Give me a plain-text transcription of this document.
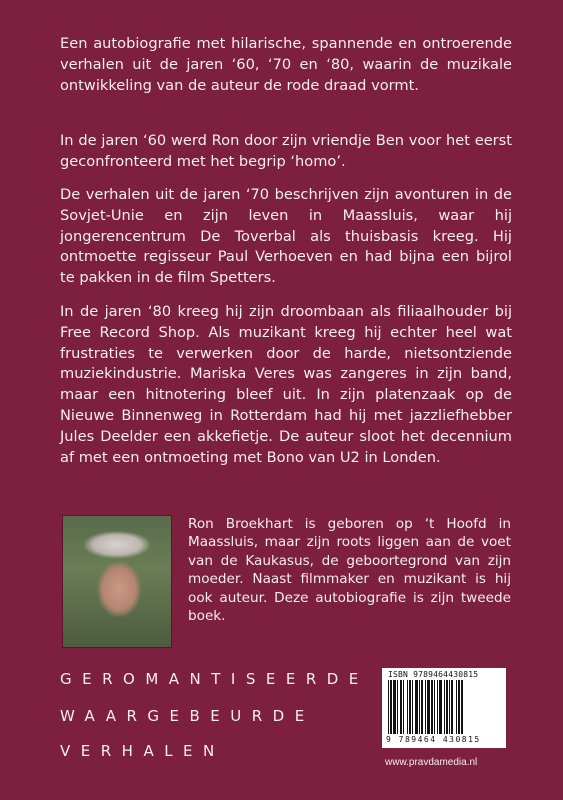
Een autobiografie met hilarische, spannende en ontroerende verhalen uit de jaren ‘60, ‘70 en ‘80, waarin de muzikale ontwikkeling van de auteur de rode draad vormt.

In de jaren ‘60 werd Ron door zijn vriendje Ben voor het eerst geconfronteerd met het begrip ‘homo’.

De verhalen uit de jaren ‘70 beschrijven zijn avonturen in de Sovjet-Unie en zijn leven in Maassluis, waar hij jongerencentrum De Toverbal als thuisbasis kreeg. Hij ontmoette regisseur Paul Verhoeven en had bijna een bijrol te pakken in de film Spetters.

In de jaren ‘80 kreeg hij zijn droombaan als filiaalhouder bij Free Record Shop. Als muzikant kreeg hij echter heel wat frustraties te verwerken door de harde, nietsontziende muziekindustrie. Mariska Veres was zangeres in zijn band, maar een hitnotering bleef uit. In zijn platenzaak op de Nieuwe Binnenweg in Rotterdam had hij met jazzliefhebber Jules Deelder een akkefietje. De auteur sloot het decennium af met een ontmoeting met Bono van U2 in Londen.

Ron Broekhart is geboren op ‘t Hoofd in Maassluis, maar zijn roots liggen aan de voet van de Kaukasus, de geboortegrond van zijn moeder. Naast filmmaker en muzikant is hij ook auteur. Deze autobiografie is zijn tweede boek.

GEROMANTISEERDE
WAARGEBEURDE
VERHALEN
ISBN 9789464430815
9 789464 430815
www.pravdamedia.nl
